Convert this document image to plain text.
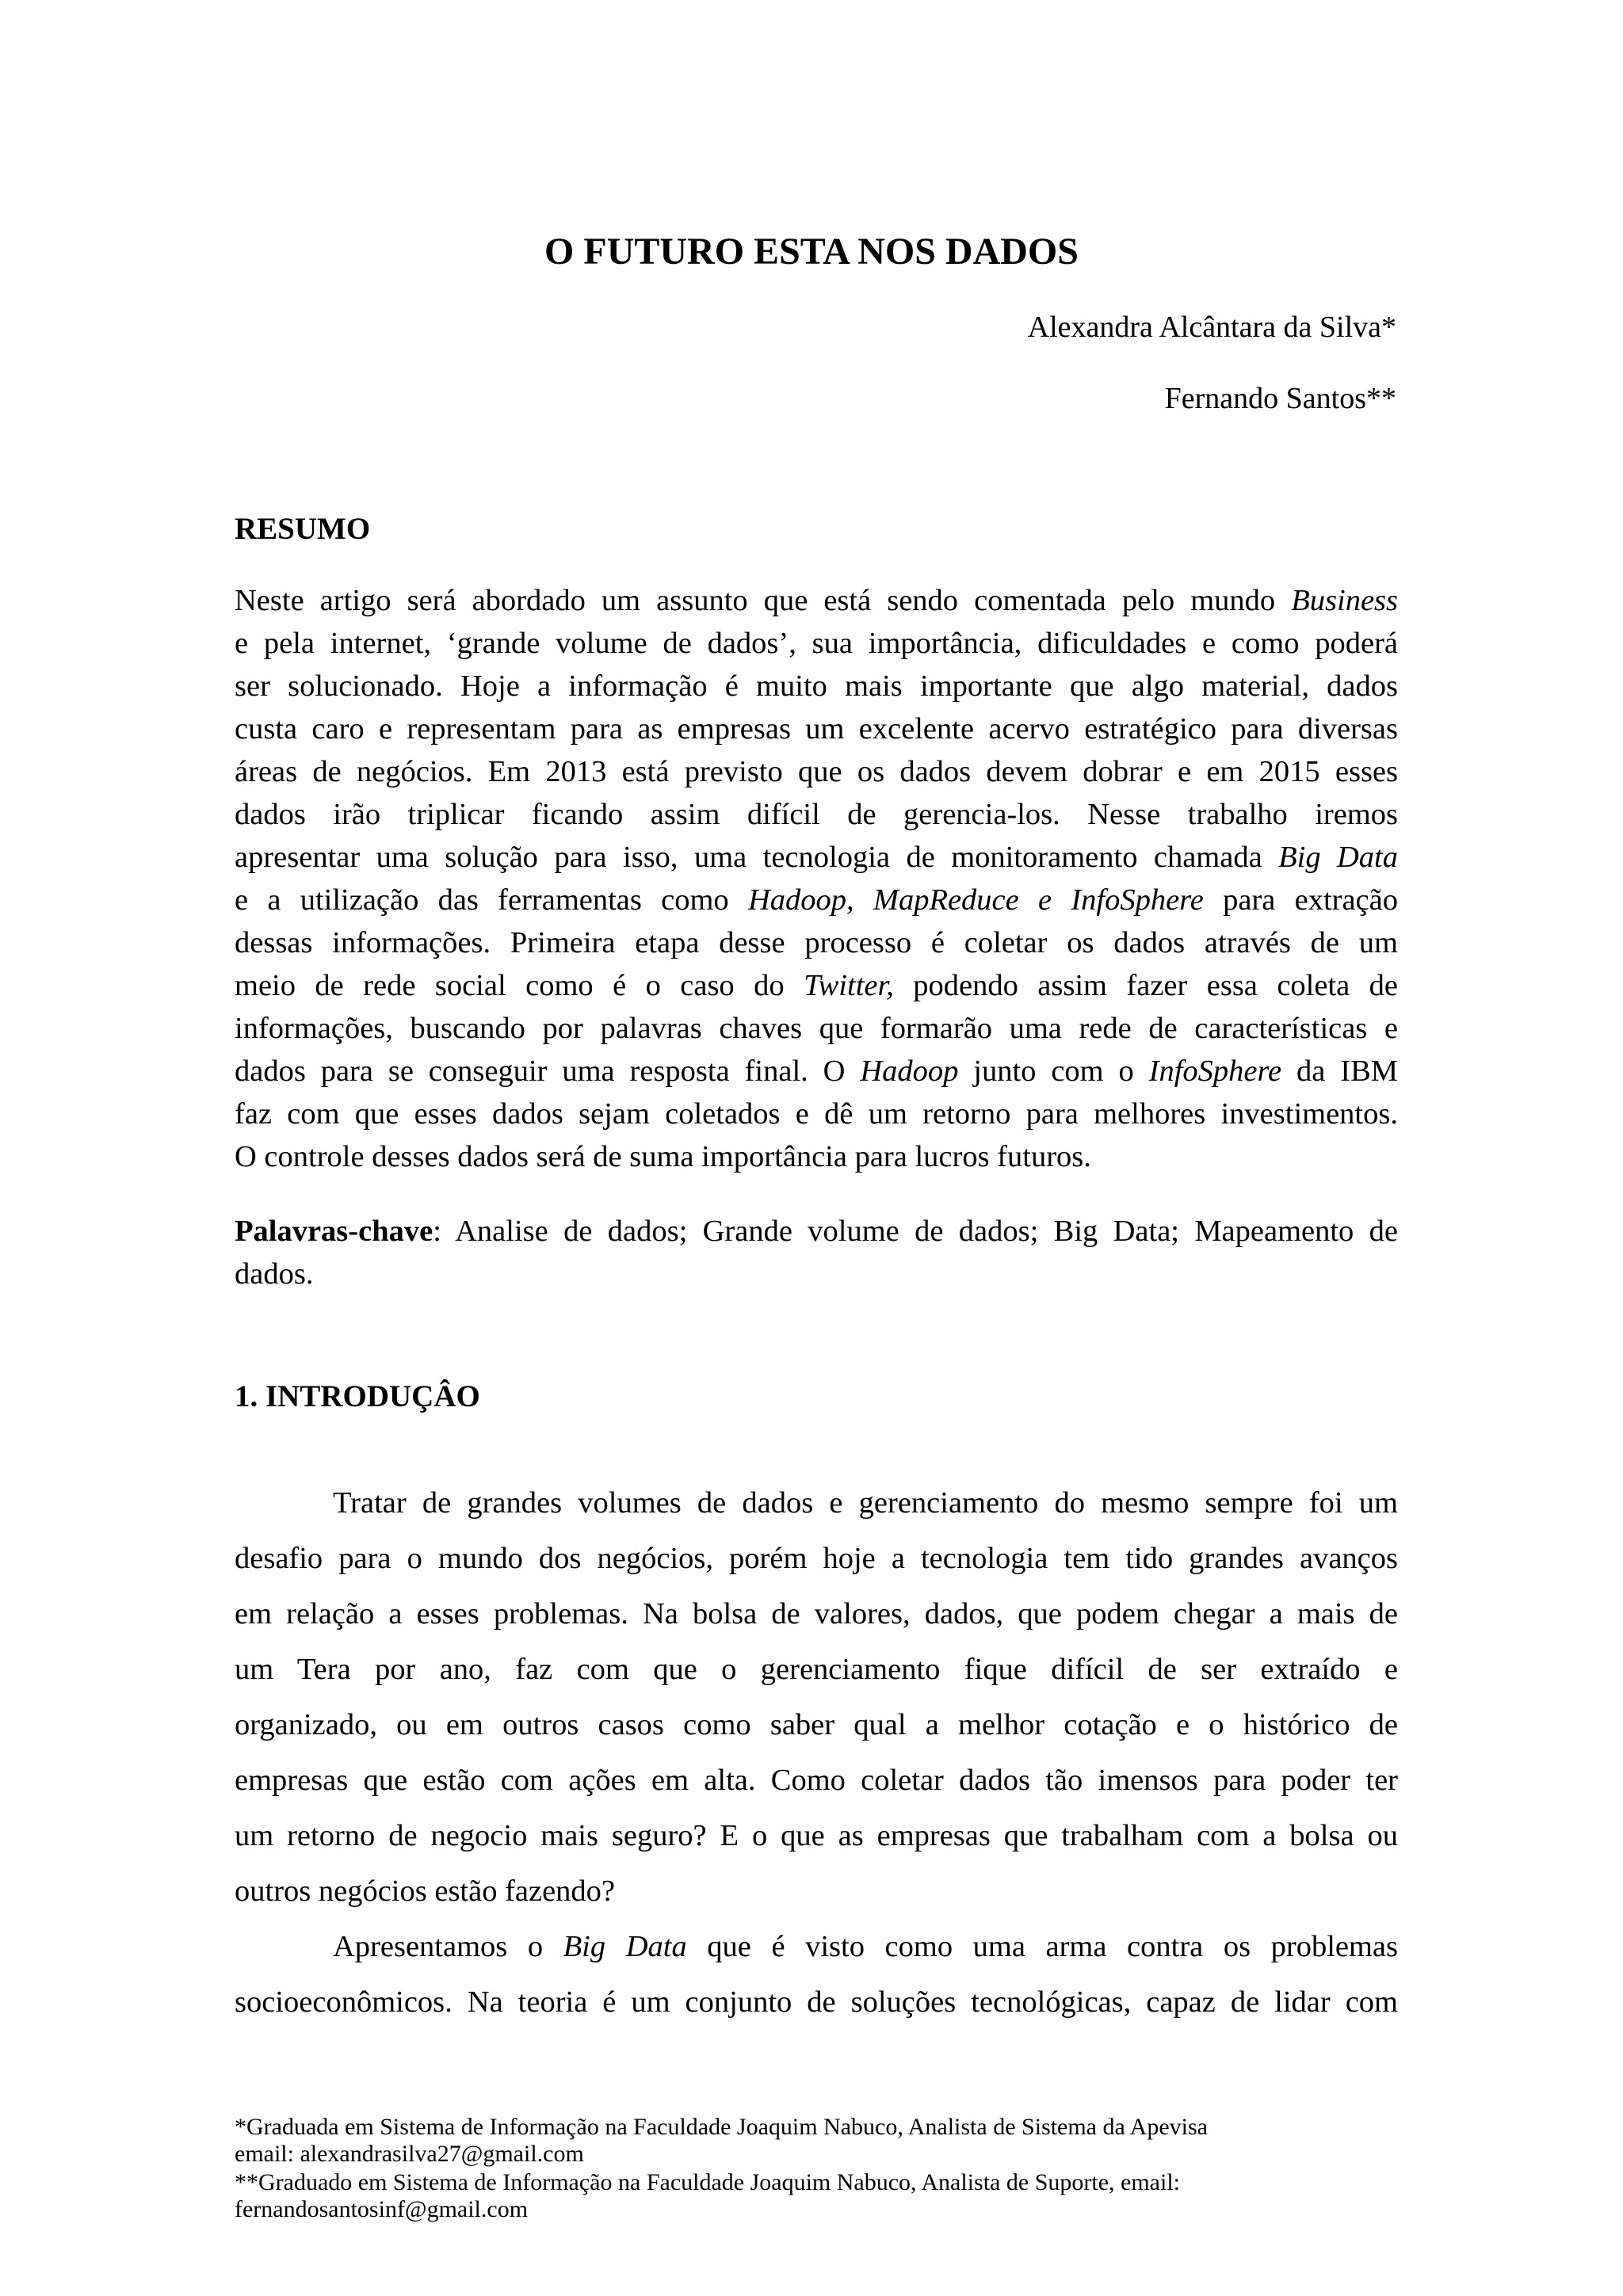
O FUTURO ESTA NOS DADOS
Alexandra Alcântara da Silva*
Fernando Santos**
RESUMO
Neste artigo será abordado um assunto que está sendo comentada pelo mundo Business
e pela internet, ‘grande volume de dados’, sua importância, dificuldades e como poderá
ser solucionado. Hoje a informação é muito mais importante que algo material, dados
custa caro e representam para as empresas um excelente acervo estratégico para diversas
áreas de negócios. Em 2013 está previsto que os dados devem dobrar e em 2015 esses
dados irão triplicar ficando assim difícil de gerencia-los. Nesse trabalho iremos
apresentar uma solução para isso, uma tecnologia de monitoramento chamada Big Data
e a utilização das ferramentas como Hadoop, MapReduce e InfoSphere para extração
dessas informações. Primeira etapa desse processo é coletar os dados através de um
meio de rede social como é o caso do Twitter, podendo assim fazer essa coleta de
informações, buscando por palavras chaves que formarão uma rede de características e
dados para se conseguir uma resposta final. O Hadoop junto com o InfoSphere da IBM
faz com que esses dados sejam coletados e dê um retorno para melhores investimentos.
O controle desses dados será de suma importância para lucros futuros.
Palavras-chave: Analise de dados; Grande volume de dados; Big Data; Mapeamento de
dados.
1. INTRODUÇÂO
Tratar de grandes volumes de dados e gerenciamento do mesmo sempre foi um
desafio para o mundo dos negócios, porém hoje a tecnologia tem tido grandes avanços
em relação a esses problemas. Na bolsa de valores, dados, que podem chegar a mais de
um Tera por ano, faz com que o gerenciamento fique difícil de ser extraído e
organizado, ou em outros casos como saber qual a melhor cotação e o histórico de
empresas que estão com ações em alta. Como coletar dados tão imensos para poder ter
um retorno de negocio mais seguro? E o que as empresas que trabalham com a bolsa ou
outros negócios estão fazendo?
Apresentamos o Big Data que é visto como uma arma contra os problemas
socioeconômicos. Na teoria é um conjunto de soluções tecnológicas, capaz de lidar com
*Graduada em Sistema de Informação na Faculdade Joaquim Nabuco, Analista de Sistema da Apevisa
email: alexandrasilva27@gmail.com
**Graduado em Sistema de Informação na Faculdade Joaquim Nabuco, Analista de Suporte, email:
fernandosantosinf@gmail.com
